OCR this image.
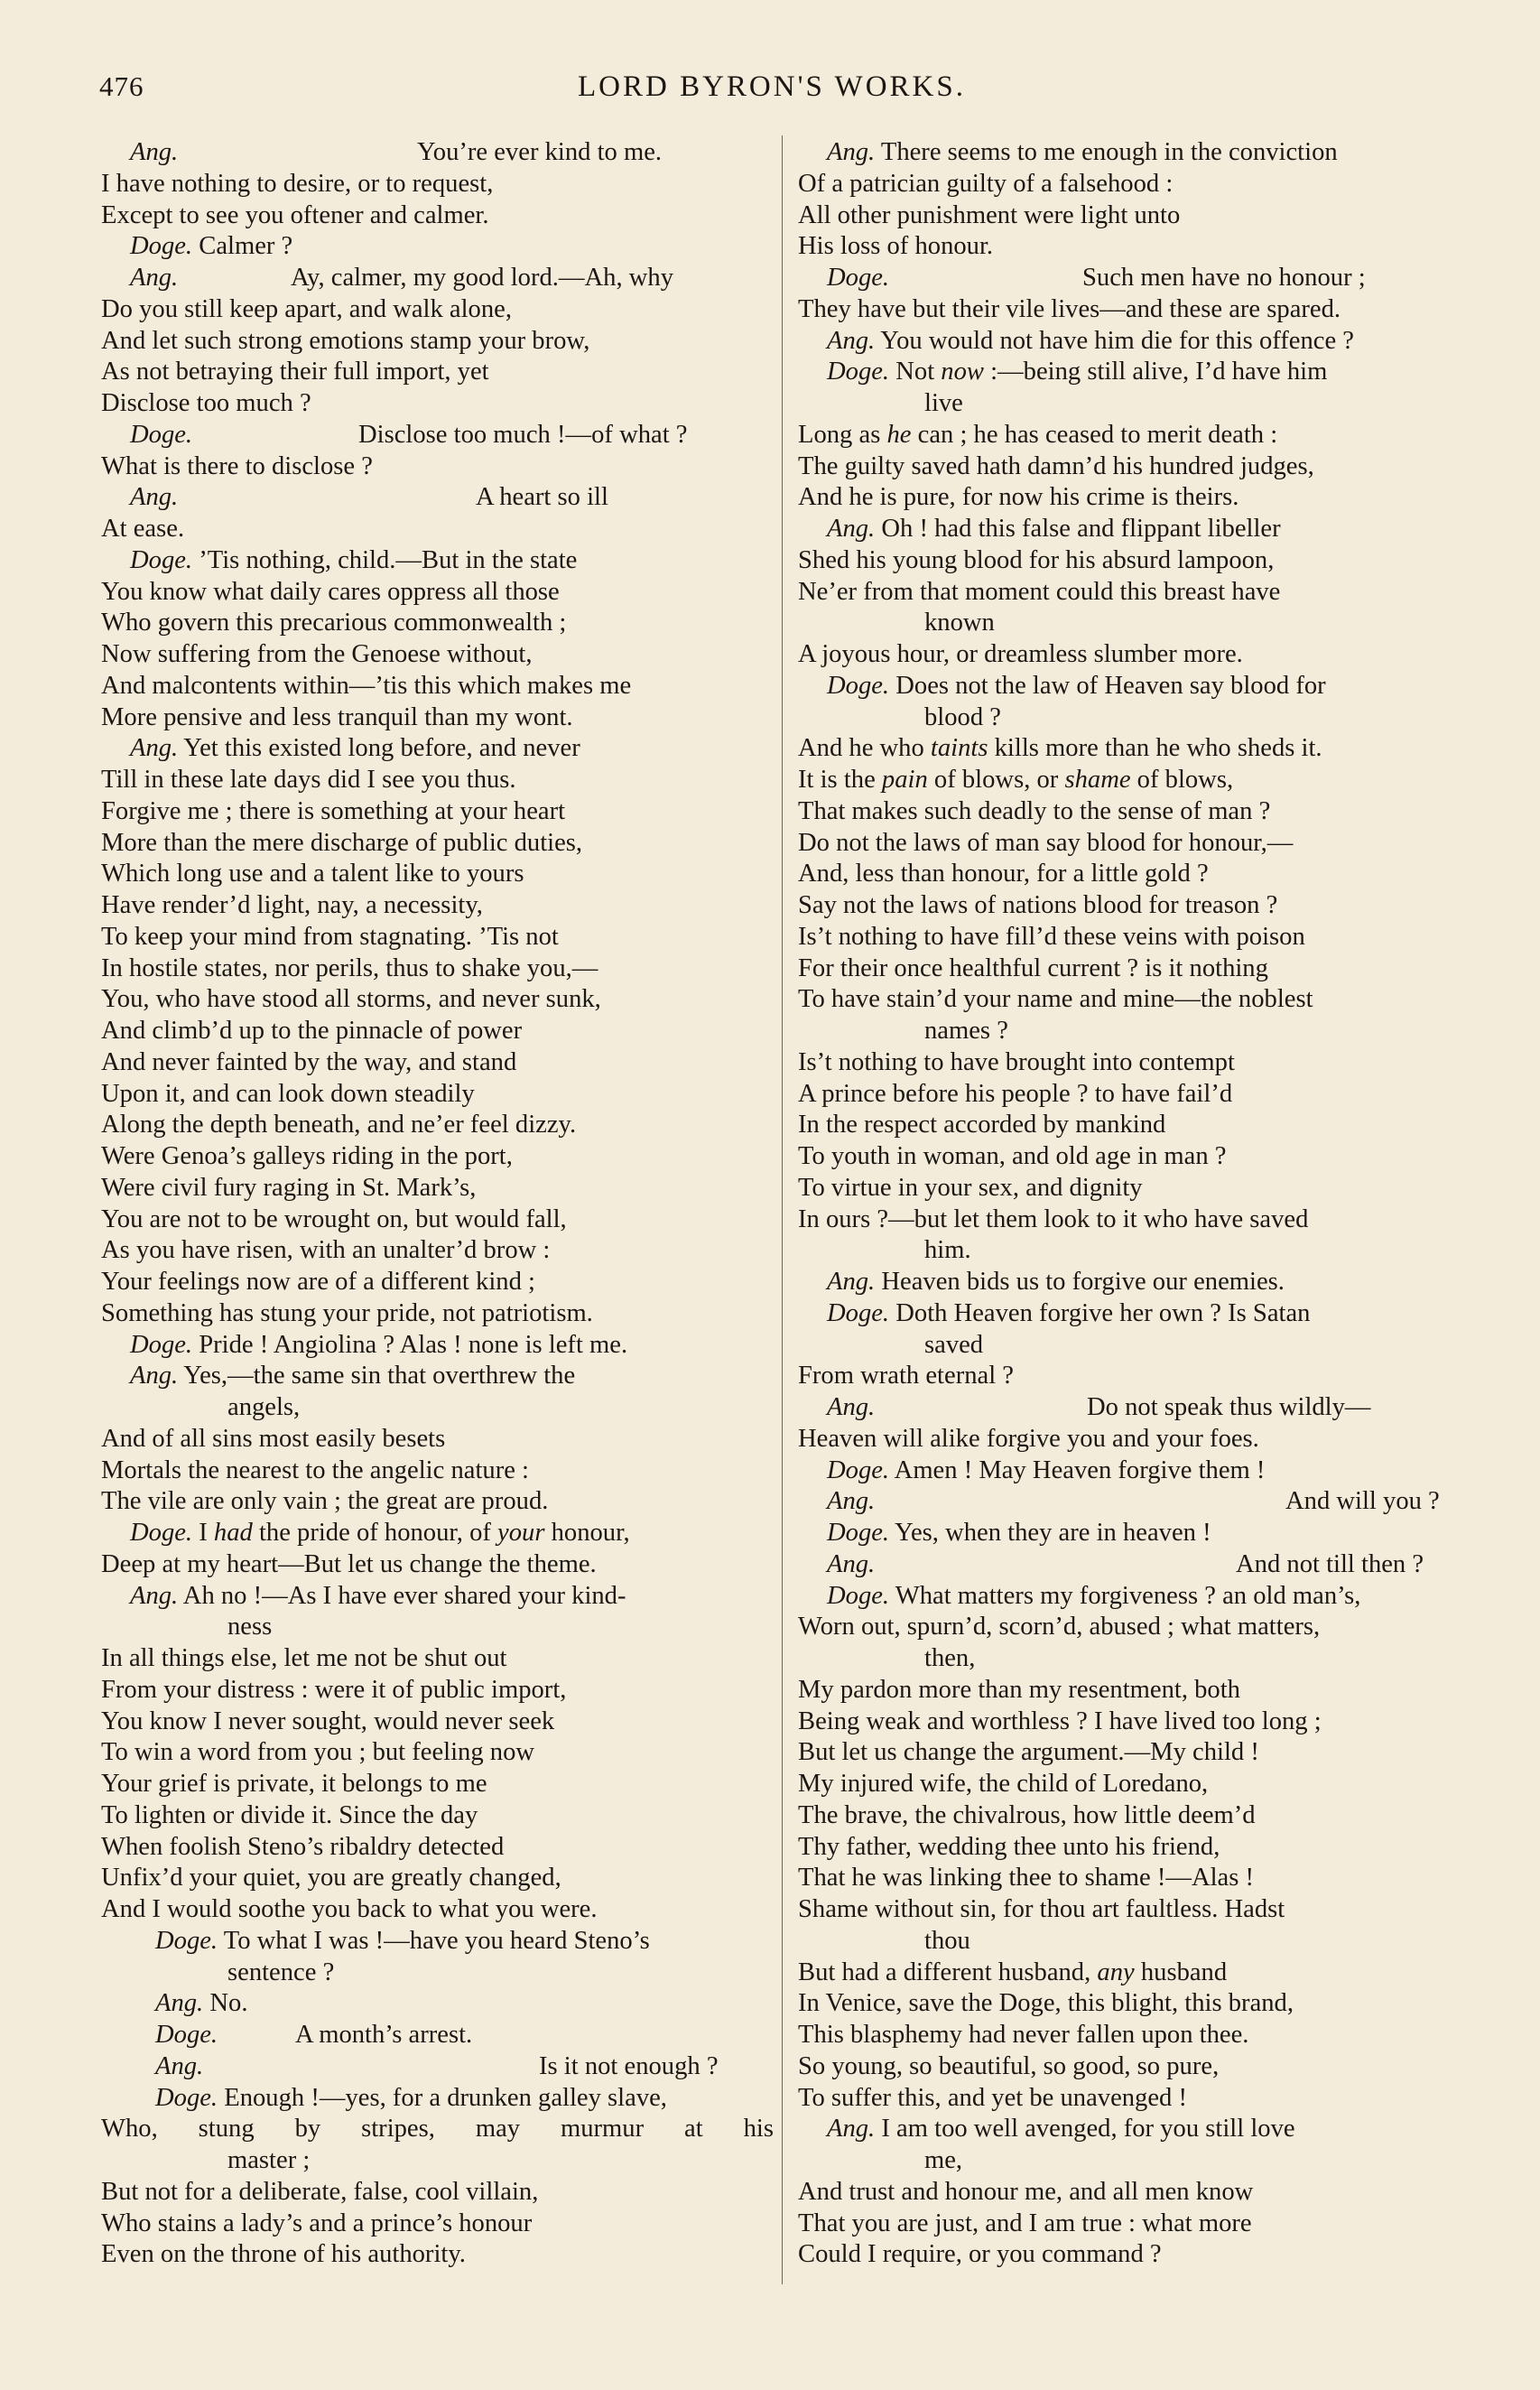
476	LORD BYRON'S WORKS.
Ang.	You’re ever kind to me.
I have nothing to desire, or to request,
Except to see you oftener and calmer.
Doge. Calmer ?
Ang.	Ay, calmer, my good lord.—Ah, why
Do you still keep apart, and walk alone,
And let such strong emotions stamp your brow,
As not betraying their full import, yet
Disclose too much ?
Doge.	Disclose too much !—of what ?
What is there to disclose ?
Ang.	A heart so ill
At ease.
Doge. ’Tis nothing, child.—But in the state
You know what daily cares oppress all those
Who govern this precarious commonwealth ;
Now suffering from the Genoese without,
And malcontents within—’tis this which makes me
More pensive and less tranquil than my wont.
Ang. Yet this existed long before, and never
Till in these late days did I see you thus.
Forgive me ; there is something at your heart
More than the mere discharge of public duties,
Which long use and a talent like to yours
Have render’d light, nay, a necessity,
To keep your mind from stagnating. ’Tis not
In hostile states, nor perils, thus to shake you,—
You, who have stood all storms, and never sunk,
And climb’d up to the pinnacle of power
And never fainted by the way, and stand
Upon it, and can look down steadily
Along the depth beneath, and ne’er feel dizzy.
Were Genoa’s galleys riding in the port,
Were civil fury raging in St. Mark’s,
You are not to be wrought on, but would fall,
As you have risen, with an unalter’d brow :
Your feelings now are of a different kind ;
Something has stung your pride, not patriotism.
Doge. Pride ! Angiolina ? Alas ! none is left me.
Ang. Yes,—the same sin that overthrew the
angels,
And of all sins most easily besets
Mortals the nearest to the angelic nature :
The vile are only vain ; the great are proud.
Doge. I had the pride of honour, of your honour,
Deep at my heart—But let us change the theme.
Ang. Ah no !—As I have ever shared your kind-
ness
In all things else, let me not be shut out
From your distress : were it of public import,
You know I never sought, would never seek
To win a word from you ; but feeling now
Your grief is private, it belongs to me
To lighten or divide it. Since the day
When foolish Steno’s ribaldry detected
Unfix’d your quiet, you are greatly changed,
And I would soothe you back to what you were.
Doge. To what I was !—have you heard Steno’s
sentence ?
Ang. No.
Doge.	A month’s arrest.
Ang.	Is it not enough ?
Doge. Enough !—yes, for a drunken galley slave,
Who, stung by stripes, may murmur at his
master ;
But not for a deliberate, false, cool villain,
Who stains a lady’s and a prince’s honour
Even on the throne of his authority.
Ang. There seems to me enough in the conviction
Of a patrician guilty of a falsehood :
All other punishment were light unto
His loss of honour.
Doge.	Such men have no honour ;
They have but their vile lives—and these are spared.
Ang. You would not have him die for this offence ?
Doge. Not now :—being still alive, I’d have him
live
Long as he can ; he has ceased to merit death :
The guilty saved hath damn’d his hundred judges,
And he is pure, for now his crime is theirs.
Ang. Oh ! had this false and flippant libeller
Shed his young blood for his absurd lampoon,
Ne’er from that moment could this breast have
known
A joyous hour, or dreamless slumber more.
Doge. Does not the law of Heaven say blood for
blood ?
And he who taints kills more than he who sheds it.
It is the pain of blows, or shame of blows,
That makes such deadly to the sense of man ?
Do not the laws of man say blood for honour,—
And, less than honour, for a little gold ?
Say not the laws of nations blood for treason ?
Is’t nothing to have fill’d these veins with poison
For their once healthful current ? is it nothing
To have stain’d your name and mine—the noblest
names ?
Is’t nothing to have brought into contempt
A prince before his people ? to have fail’d
In the respect accorded by mankind
To youth in woman, and old age in man ?
To virtue in your sex, and dignity
In ours ?—but let them look to it who have saved
him.
Ang. Heaven bids us to forgive our enemies.
Doge. Doth Heaven forgive her own ? Is Satan
saved
From wrath eternal ?
Ang.	Do not speak thus wildly—
Heaven will alike forgive you and your foes.
Doge. Amen ! May Heaven forgive them !
Ang.	And will you ?
Doge. Yes, when they are in heaven !
Ang.	And not till then ?
Doge. What matters my forgiveness ? an old man’s,
Worn out, spurn’d, scorn’d, abused ; what matters,
then,
My pardon more than my resentment, both
Being weak and worthless ? I have lived too long ;
But let us change the argument.—My child !
My injured wife, the child of Loredano,
The brave, the chivalrous, how little deem’d
Thy father, wedding thee unto his friend,
That he was linking thee to shame !—Alas !
Shame without sin, for thou art faultless. Hadst
thou
But had a different husband, any husband
In Venice, save the Doge, this blight, this brand,
This blasphemy had never fallen upon thee.
So young, so beautiful, so good, so pure,
To suffer this, and yet be unavenged !
Ang. I am too well avenged, for you still love
me,
And trust and honour me, and all men know
That you are just, and I am true : what more
Could I require, or you command ?
